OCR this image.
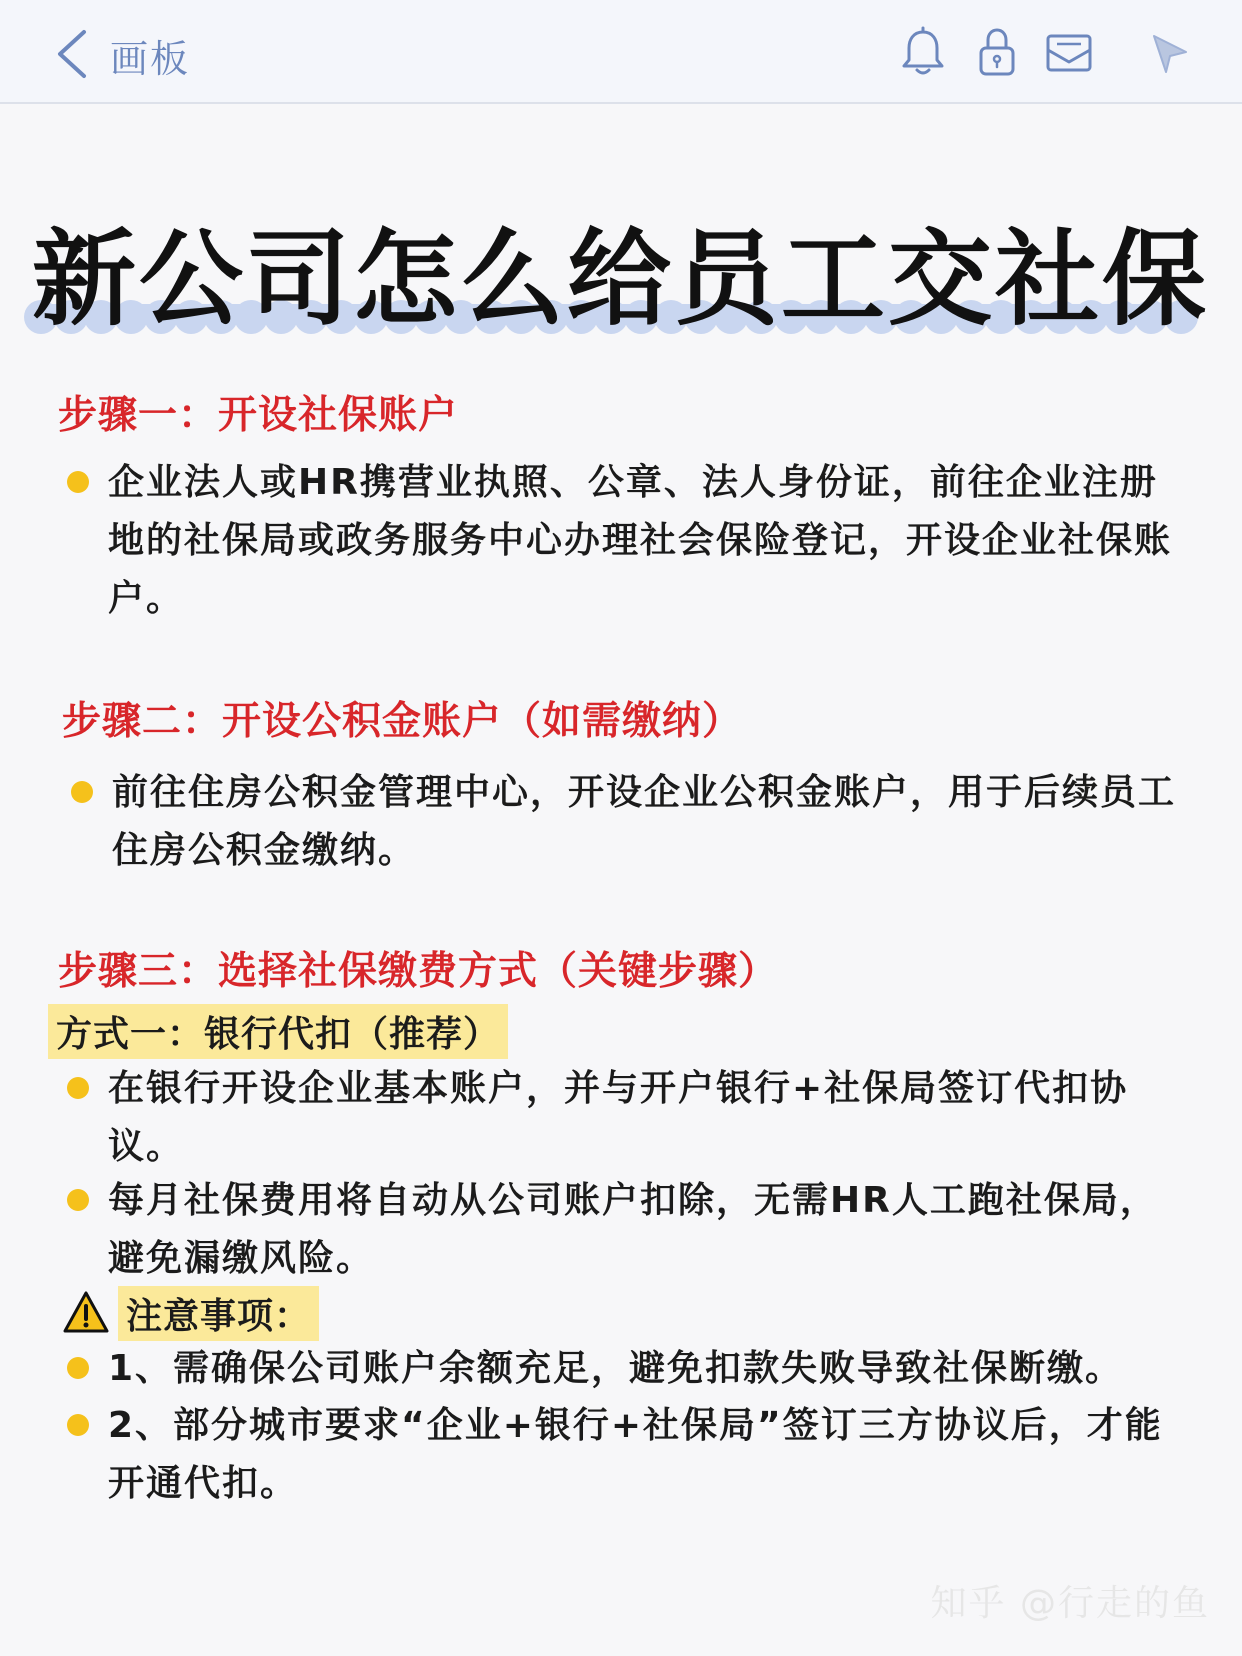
画板
新公司怎么给员工交社保
步骤一：开设社保账户
企业法人或HR携营业执照、公章、法人身份证，前往企业注册地的社保局或政务服务中心办理社会保险登记，开设企业社保账户。
步骤二：开设公积金账户（如需缴纳）
前往住房公积金管理中心，开设企业公积金账户，用于后续员工住房公积金缴纳。
步骤三：选择社保缴费方式（关键步骤）
方式一：银行代扣（推荐）
在银行开设企业基本账户，并与开户银行+社保局签订代扣协议。
每月社保费用将自动从公司账户扣除，无需HR人工跑社保局，避免漏缴风险。
注意事项：
1、需确保公司账户余额充足，避免扣款失败导致社保断缴。
2、部分城市要求“企业+银行+社保局”签订三方协议后，才能开通代扣。
知乎 @行走的鱼
